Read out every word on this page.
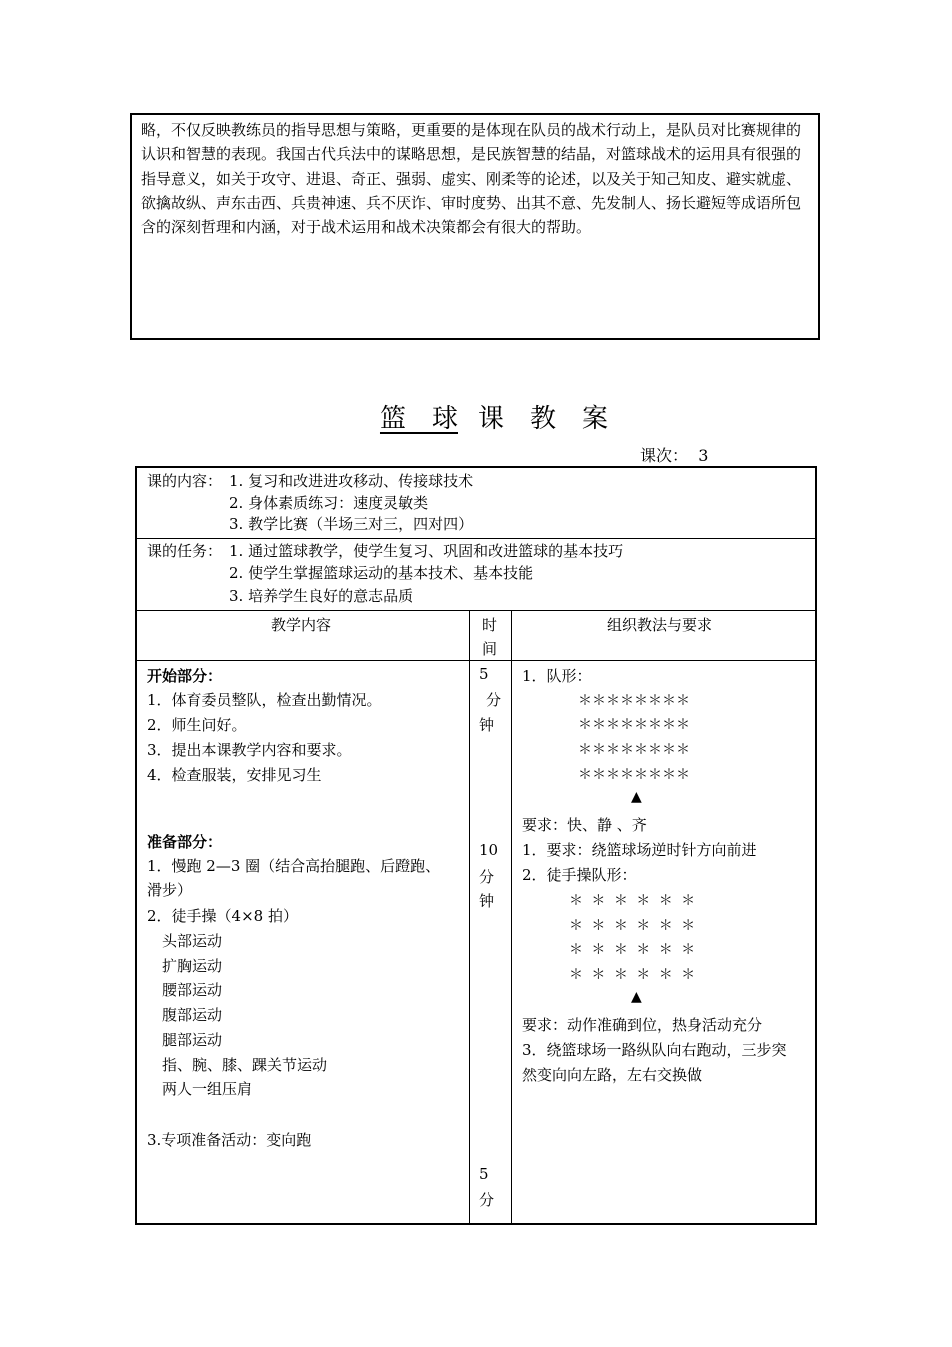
略，不仅反映教练员的指导思想与策略，更重要的是体现在队员的战术行动上，是队员对比赛规律的认识和智慧的表现。我国古代兵法中的谋略思想，是民族智慧的结晶，对篮球战术的运用具有很强的指导意义，如关于攻守、进退、奇正、强弱、虚实、刚柔等的论述，以及关于知己知皮、避实就虚、欲擒故纵、声东击西、兵贵神速、兵不厌诈、审时度势、出其不意、先发制人、扬长避短等成语所包含的深刻哲理和内涵，对于战术运用和战术决策都会有很大的帮助。

篮　球 课　教　案
课次： 3
课的内容： 1. 复习和改进进攻移动、传接球技术
2. 身体素质练习：速度灵敏类
3. 教学比赛（半场三对三，四对四）
课的任务： 1. 通过篮球教学，使学生复习、巩固和改进篮球的基本技巧
2. 使学生掌握篮球运动的基本技术、基本技能
3. 培养学生良好的意志品质
教学内容	时
间
组织教法与要求
开始部分：
1．体育委员整队，检查出勤情况。
2．师生问好。
3．提出本课教学内容和要求。
4．检查服装，安排见习生
准备部分：
1．慢跑 2—3 圈（结合高抬腿跑、后蹬跑、
滑步）
2．徒手操（4×8 拍）
头部运动
扩胸运动
腰部运动
腹部运动
腿部运动
指、腕、膝、踝关节运动
两人一组压肩
3.专项准备活动：变向跑
5
分
钟
10
分
钟
5
分
1．队形：
＊＊＊＊＊＊＊＊
＊＊＊＊＊＊＊＊
＊＊＊＊＊＊＊＊
＊＊＊＊＊＊＊＊
▲
要求：快、静 、齐
1．要求：绕篮球场逆时针方向前进
2．徒手操队形：
＊ ＊ ＊ ＊ ＊ ＊
＊ ＊ ＊ ＊ ＊ ＊
＊ ＊ ＊ ＊ ＊ ＊
＊ ＊ ＊ ＊ ＊ ＊
▲
要求：动作准确到位，热身活动充分
3．绕篮球场一路纵队向右跑动，三步突
然变向向左路，左右交换做
